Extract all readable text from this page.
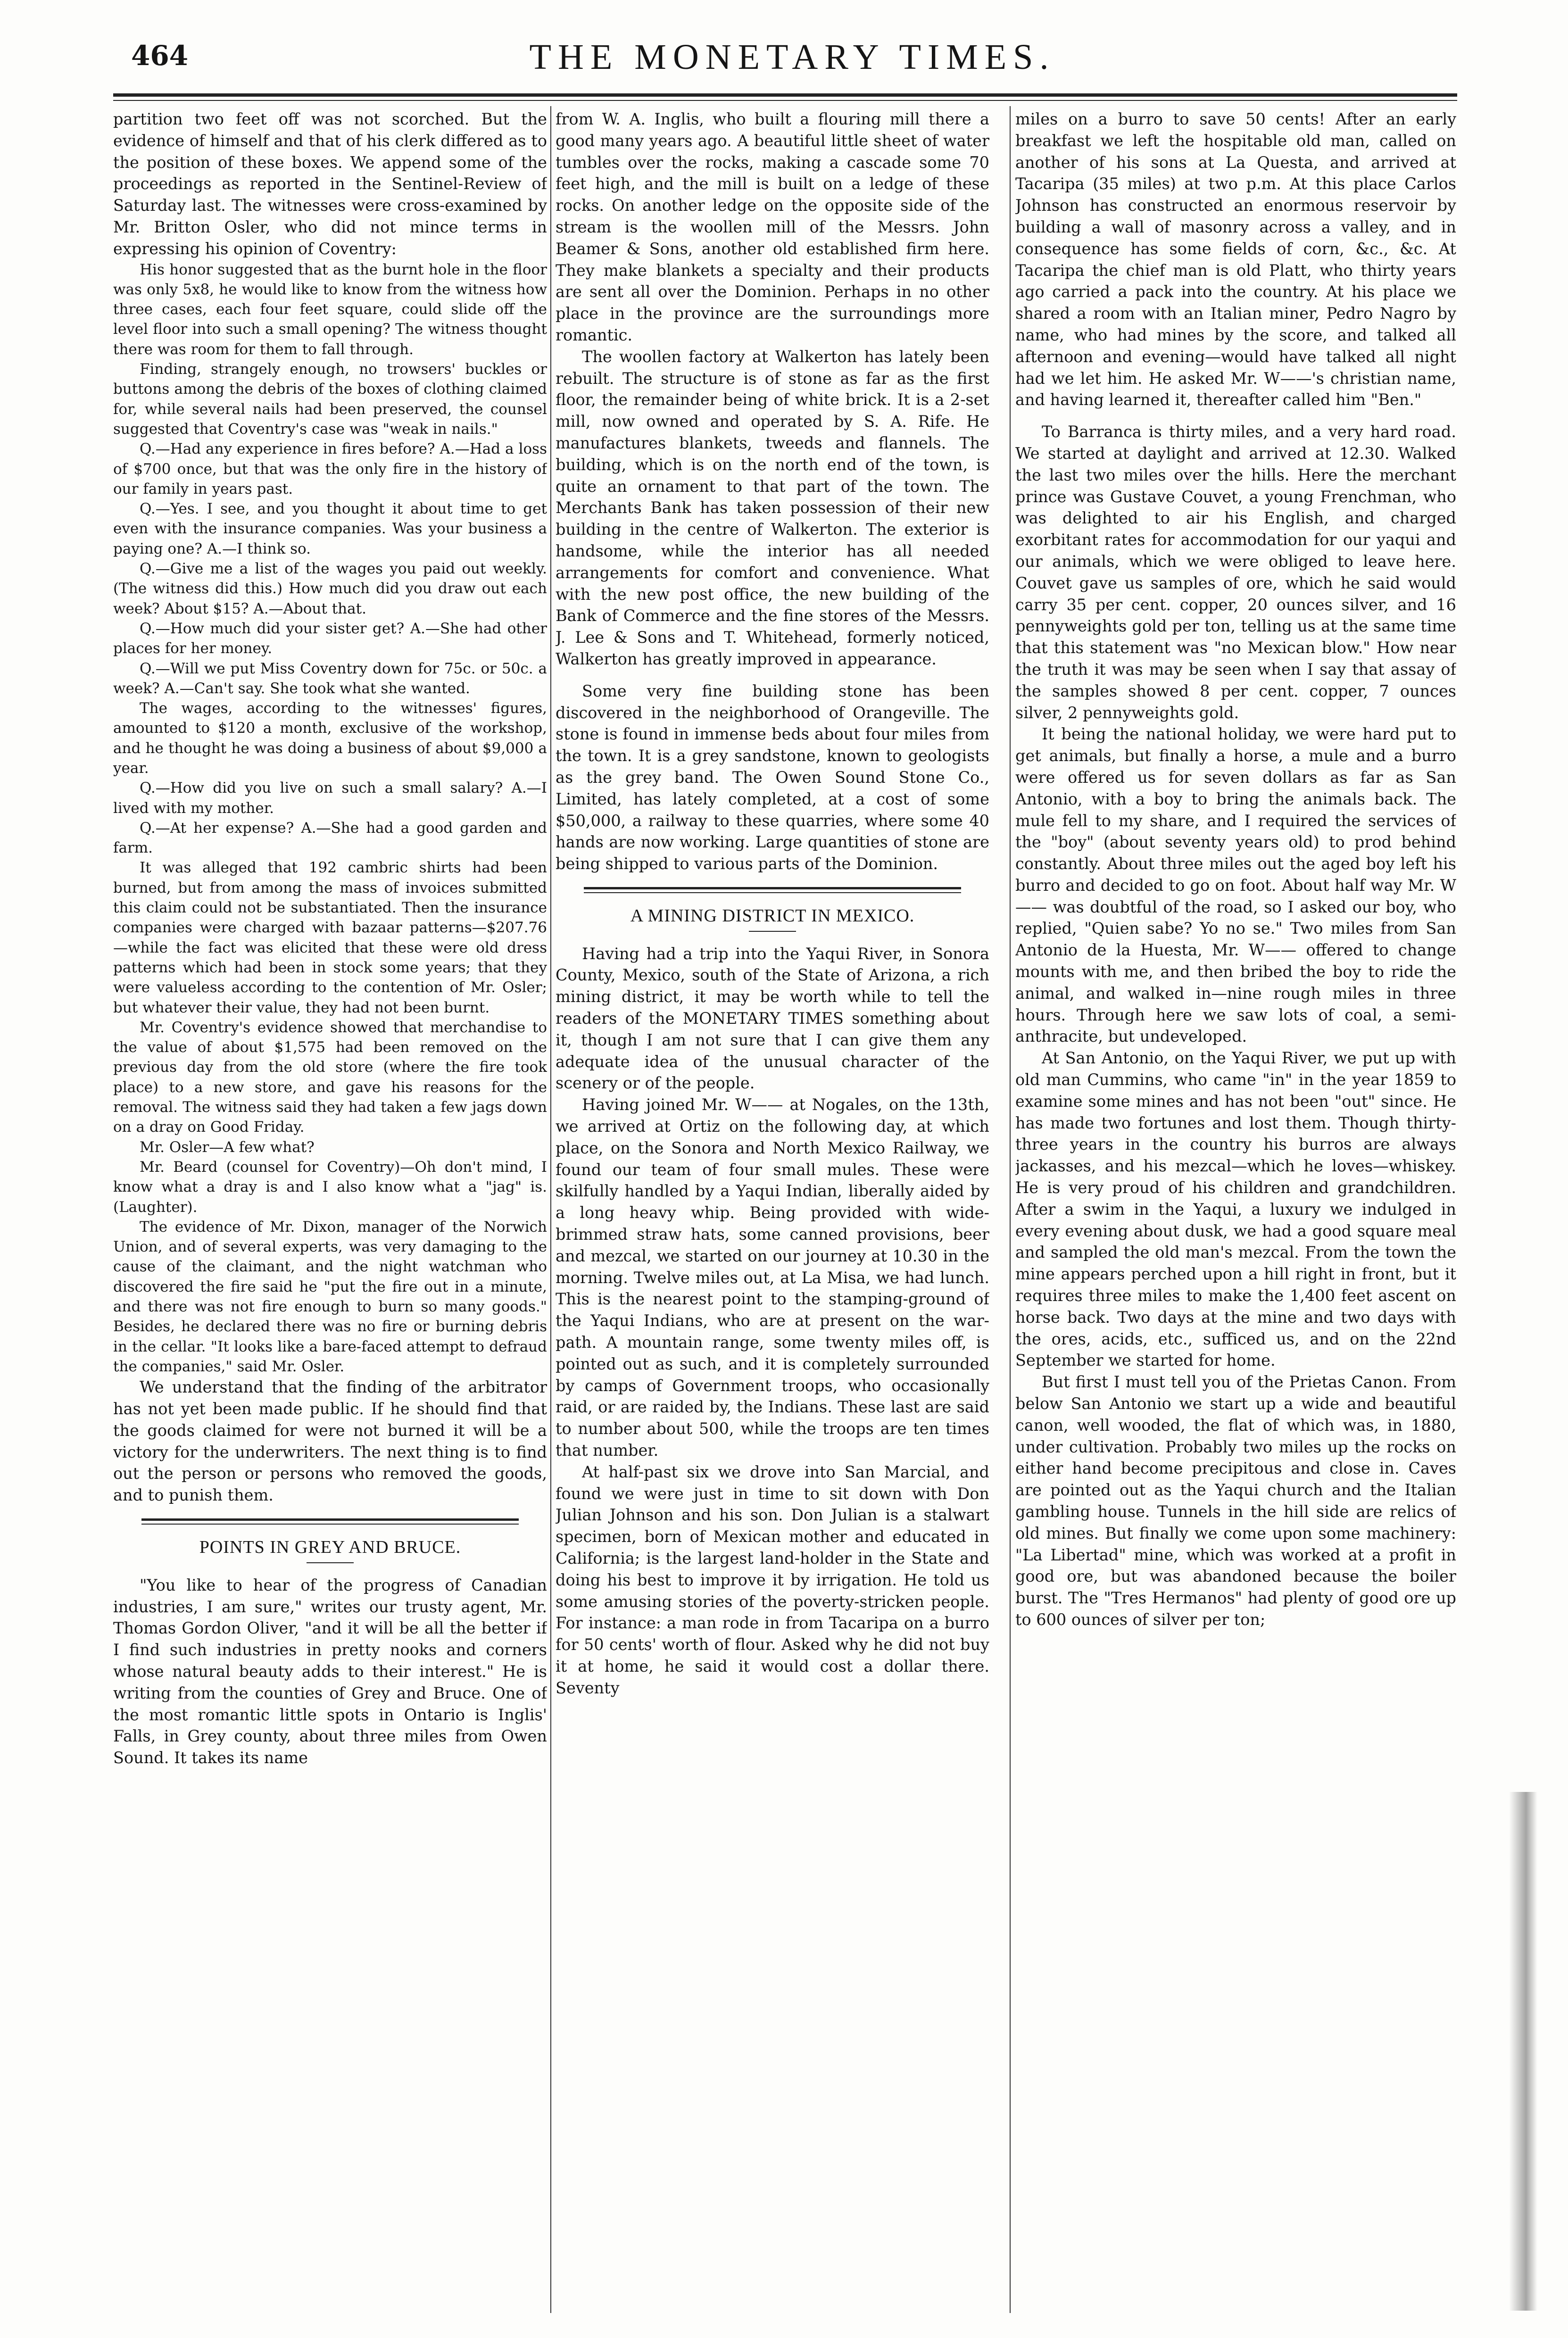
464	THE MONETARY TIMES.

partition two feet off was not scorched. But the evidence of himself and that of his clerk differed as to the position of these boxes. We append some of the proceedings as reported in the Sentinel-Review of Saturday last. The witnesses were cross-examined by Mr. Britton Osler, who did not mince terms in expressing his opinion of Coventry:

His honor suggested that as the burnt hole in the floor was only 5x8, he would like to know from the witness how three cases, each four feet square, could slide off the level floor into such a small opening? The witness thought there was room for them to fall through.

Finding, strangely enough, no trowsers' buckles or buttons among the debris of the boxes of clothing claimed for, while several nails had been preserved, the counsel suggested that Coventry's case was "weak in nails."

Q.—Had any experience in fires before? A.—Had a loss of $700 once, but that was the only fire in the history of our family in years past.

Q.—Yes. I see, and you thought it about time to get even with the insurance companies. Was your business a paying one? A.—I think so.

Q.—Give me a list of the wages you paid out weekly. (The witness did this.) How much did you draw out each week? About $15? A.—About that.

Q.—How much did your sister get? A.—She had other places for her money.

Q.—Will we put Miss Coventry down for 75c. or 50c. a week? A.—Can't say. She took what she wanted.

The wages, according to the witnesses' figures, amounted to $120 a month, exclusive of the workshop, and he thought he was doing a business of about $9,000 a year.

Q.—How did you live on such a small salary? A.—I lived with my mother.

Q.—At her expense? A.—She had a good garden and farm.

It was alleged that 192 cambric shirts had been burned, but from among the mass of invoices submitted this claim could not be substantiated. Then the insurance companies were charged with bazaar patterns—$207.76—while the fact was elicited that these were old dress patterns which had been in stock some years; that they were valueless according to the contention of Mr. Osler; but whatever their value, they had not been burnt.

Mr. Coventry's evidence showed that merchandise to the value of about $1,575 had been removed on the previous day from the old store (where the fire took place) to a new store, and gave his reasons for the removal. The witness said they had taken a few jags down on a dray on Good Friday.

Mr. Osler—A few what?

Mr. Beard (counsel for Coventry)—Oh don't mind, I know what a dray is and I also know what a "jag" is. (Laughter).

The evidence of Mr. Dixon, manager of the Norwich Union, and of several experts, was very damaging to the cause of the claimant, and the night watchman who discovered the fire said he "put the fire out in a minute, and there was not fire enough to burn so many goods." Besides, he declared there was no fire or burning debris in the cellar. "It looks like a bare-faced attempt to defraud the companies," said Mr. Osler.

We understand that the finding of the arbitrator has not yet been made public. If he should find that the goods claimed for were not burned it will be a victory for the underwriters. The next thing is to find out the person or persons who removed the goods, and to punish them.

POINTS IN GREY AND BRUCE.

"You like to hear of the progress of Canadian industries, I am sure," writes our trusty agent, Mr. Thomas Gordon Oliver, "and it will be all the better if I find such industries in pretty nooks and corners whose natural beauty adds to their interest." He is writing from the counties of Grey and Bruce. One of the most romantic little spots in Ontario is Inglis' Falls, in Grey county, about three miles from Owen Sound. It takes its name

from W. A. Inglis, who built a flouring mill there a good many years ago. A beautiful little sheet of water tumbles over the rocks, making a cascade some 70 feet high, and the mill is built on a ledge of these rocks. On another ledge on the opposite side of the stream is the woollen mill of the Messrs. John Beamer & Sons, another old established firm here. They make blankets a specialty and their products are sent all over the Dominion. Perhaps in no other place in the province are the surroundings more romantic.

The woollen factory at Walkerton has lately been rebuilt. The structure is of stone as far as the first floor, the remainder being of white brick. It is a 2-set mill, now owned and operated by S. A. Rife. He manufactures blankets, tweeds and flannels. The building, which is on the north end of the town, is quite an ornament to that part of the town. The Merchants Bank has taken possession of their new building in the centre of Walkerton. The exterior is handsome, while the interior has all needed arrangements for comfort and convenience. What with the new post office, the new building of the Bank of Commerce and the fine stores of the Messrs. J. Lee & Sons and T. Whitehead, formerly noticed, Walkerton has greatly improved in appearance.

Some very fine building stone has been discovered in the neighborhood of Orangeville. The stone is found in immense beds about four miles from the town. It is a grey sandstone, known to geologists as the grey band. The Owen Sound Stone Co., Limited, has lately completed, at a cost of some $50,000, a railway to these quarries, where some 40 hands are now working. Large quantities of stone are being shipped to various parts of the Dominion.

A MINING DISTRICT IN MEXICO.

Having had a trip into the Yaqui River, in Sonora County, Mexico, south of the State of Arizona, a rich mining district, it may be worth while to tell the readers of the MONETARY TIMES something about it, though I am not sure that I can give them any adequate idea of the unusual character of the scenery or of the people.

Having joined Mr. W—— at Nogales, on the 13th, we arrived at Ortiz on the following day, at which place, on the Sonora and North Mexico Railway, we found our team of four small mules. These were skilfully handled by a Yaqui Indian, liberally aided by a long heavy whip. Being provided with wide-brimmed straw hats, some canned provisions, beer and mezcal, we started on our journey at 10.30 in the morning. Twelve miles out, at La Misa, we had lunch. This is the nearest point to the stamping-ground of the Yaqui Indians, who are at present on the war-path. A mountain range, some twenty miles off, is pointed out as such, and it is completely surrounded by camps of Government troops, who occasionally raid, or are raided by, the Indians. These last are said to number about 500, while the troops are ten times that number.

At half-past six we drove into San Marcial, and found we were just in time to sit down with Don Julian Johnson and his son. Don Julian is a stalwart specimen, born of Mexican mother and educated in California; is the largest land-holder in the State and doing his best to improve it by irrigation. He told us some amusing stories of the poverty-stricken people. For instance: a man rode in from Tacaripa on a burro for 50 cents' worth of flour. Asked why he did not buy it at home, he said it would cost a dollar there. Seventy

miles on a burro to save 50 cents! After an early breakfast we left the hospitable old man, called on another of his sons at La Questa, and arrived at Tacaripa (35 miles) at two p.m. At this place Carlos Johnson has constructed an enormous reservoir by building a wall of masonry across a valley, and in consequence has some fields of corn, &c., &c. At Tacaripa the chief man is old Platt, who thirty years ago carried a pack into the country. At his place we shared a room with an Italian miner, Pedro Nagro by name, who had mines by the score, and talked all afternoon and evening—would have talked all night had we let him. He asked Mr. W——'s christian name, and having learned it, thereafter called him "Ben."

To Barranca is thirty miles, and a very hard road. We started at daylight and arrived at 12.30. Walked the last two miles over the hills. Here the merchant prince was Gustave Couvet, a young Frenchman, who was delighted to air his English, and charged exorbitant rates for accommodation for our yaqui and our animals, which we were obliged to leave here. Couvet gave us samples of ore, which he said would carry 35 per cent. copper, 20 ounces silver, and 16 pennyweights gold per ton, telling us at the same time that this statement was "no Mexican blow." How near the truth it was may be seen when I say that assay of the samples showed 8 per cent. copper, 7 ounces silver, 2 pennyweights gold.

It being the national holiday, we were hard put to get animals, but finally a horse, a mule and a burro were offered us for seven dollars as far as San Antonio, with a boy to bring the animals back. The mule fell to my share, and I required the services of the "boy" (about seventy years old) to prod behind constantly. About three miles out the aged boy left his burro and decided to go on foot. About half way Mr. W—— was doubtful of the road, so I asked our boy, who replied, "Quien sabe? Yo no se." Two miles from San Antonio de la Huesta, Mr. W—— offered to change mounts with me, and then bribed the boy to ride the animal, and walked in—nine rough miles in three hours. Through here we saw lots of coal, a semi-anthracite, but undeveloped.

At San Antonio, on the Yaqui River, we put up with old man Cummins, who came "in" in the year 1859 to examine some mines and has not been "out" since. He has made two fortunes and lost them. Though thirty-three years in the country his burros are always jackasses, and his mezcal—which he loves—whiskey. He is very proud of his children and grandchildren. After a swim in the Yaqui, a luxury we indulged in every evening about dusk, we had a good square meal and sampled the old man's mezcal. From the town the mine appears perched upon a hill right in front, but it requires three miles to make the 1,400 feet ascent on horse back. Two days at the mine and two days with the ores, acids, etc., sufficed us, and on the 22nd September we started for home.

But first I must tell you of the Prietas Canon. From below San Antonio we start up a wide and beautiful canon, well wooded, the flat of which was, in 1880, under cultivation. Probably two miles up the rocks on either hand become precipitous and close in. Caves are pointed out as the Yaqui church and the Italian gambling house. Tunnels in the hill side are relics of old mines. But finally we come upon some machinery: "La Libertad" mine, which was worked at a profit in good ore, but was abandoned because the boiler burst. The "Tres Hermanos" had plenty of good ore up to 600 ounces of silver per ton;
